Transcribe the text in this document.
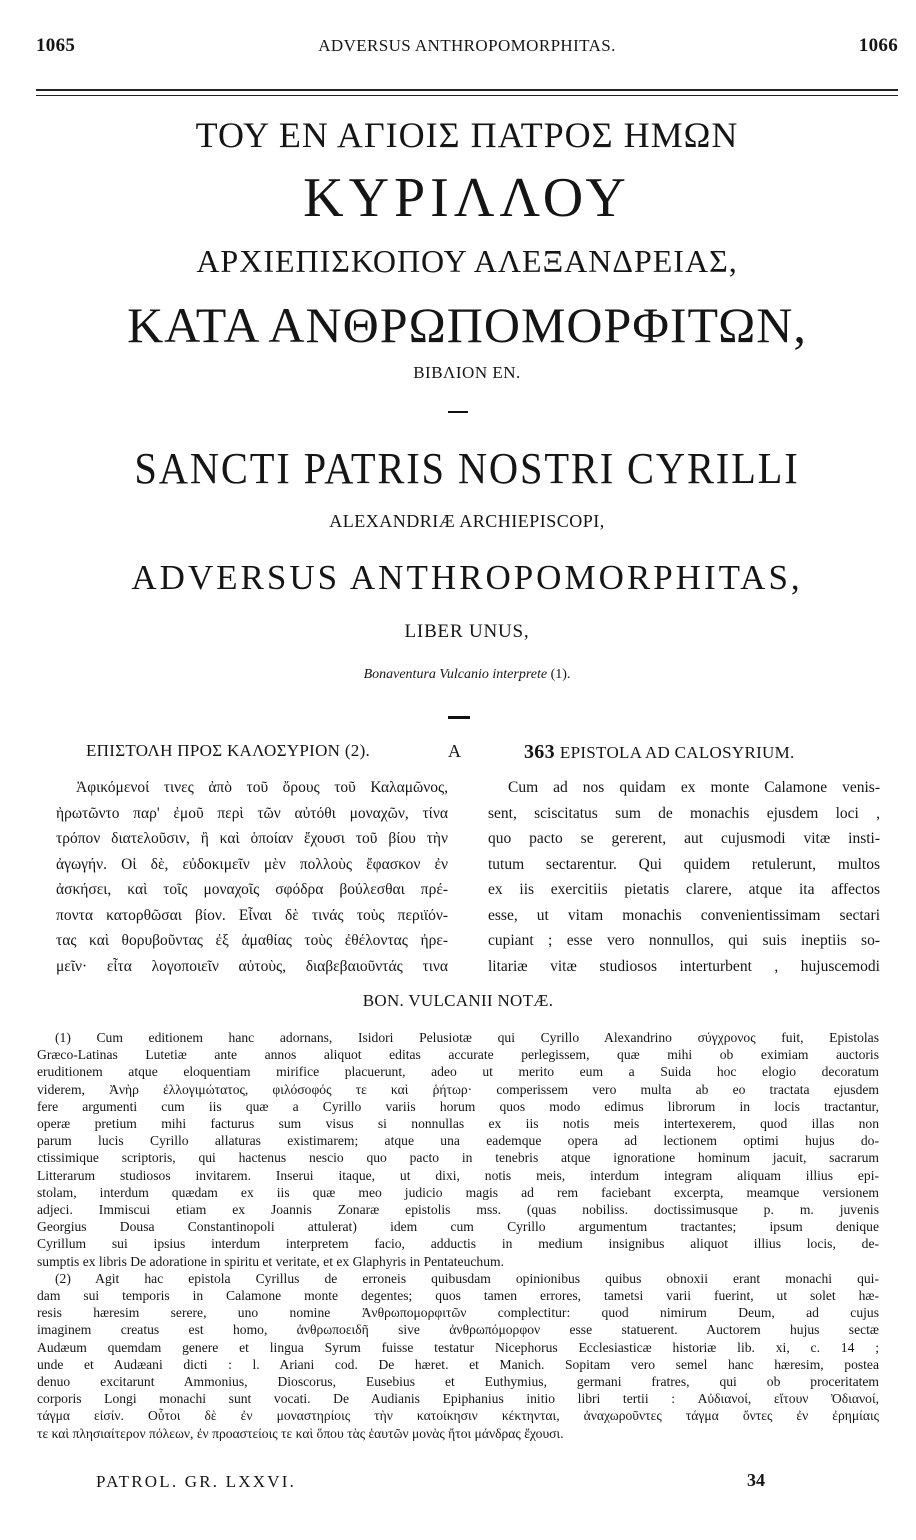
1065	ADVERSUS ANTHROPOMORPHITAS.	1066
ΤΟΥ ΕΝ ΑΓΙΟΙΣ ΠΑΤΡΟΣ ΗΜΩΝ
ΚΥΡΙΛΛΟΥ
ΑΡΧΙΕΠΙΣΚΟΠΟΥ ΑΛΕΞΑΝΔΡΕΙΑΣ,
ΚΑΤΑ ΑΝΘΡΩΠΟΜΟΡΦΙΤΩΝ,
ΒΙΒΛΙΟΝ ΕΝ.
SANCTI PATRIS NOSTRI CYRILLI
ALEXANDRIÆ ARCHIEPISCOPI,
ADVERSUS ANTHROPOMORPHITAS,
LIBER UNUS,
Bonaventura Vulcanio interprete (1).
ΕΠΙΣΤΟΛΗ ΠΡΟΣ ΚΑΛΟΣΥΡΙΟΝ (2).	A	363 EPISTOLA AD CALOSYRIUM.
Ἀφικόμενοί τινες ἀπὸ τοῦ ὄρους τοῦ Καλαμῶνος,
ἠρωτῶντο παρ' ἐμοῦ περὶ τῶν αὐτόθι μοναχῶν, τίνα
τρόπον διατελοῦσιν, ἢ καὶ ὁποίαν ἔχουσι τοῦ βίου τὴν
ἀγωγήν. Οἱ δὲ, εὐδοκιμεῖν μὲν πολλοὺς ἔφασκον ἐν
ἀσκήσει, καὶ τοῖς μοναχοῖς σφόδρα βούλεσθαι πρέ-
ποντα κατορθῶσαι βίον. Εἶναι δὲ τινάς τοὺς περιϊόν-
τας καὶ θορυβοῦντας ἐξ ἀμαθίας τοὺς ἐθέλοντας ἠρε-
μεῖν· εἶτα λογοποιεῖν αὐτοὺς, διαβεβαιοῦντάς τινα
Cum ad nos quidam ex monte Calamone venis-
sent, sciscitatus sum de monachis ejusdem loci ,
quo pacto se gererent, aut cujusmodi vitæ insti-
tutum sectarentur. Qui quidem retulerunt, multos
ex iis exercitiis pietatis clarere, atque ita affectos
esse, ut vitam monachis convenientissimam sectari
cupiant ; esse vero nonnullos, qui suis ineptiis so-
litariæ vitæ studiosos interturbent , hujuscemodi
BON. VULCANII NOTÆ.
(1) Cum editionem hanc adornans, Isidori Pelusiotæ qui Cyrillo Alexandrino σύγχρονος fuit, Epistolas
Græco-Latinas Lutetiæ ante annos aliquot editas accurate perlegissem, quæ mihi ob eximiam auctoris
eruditionem atque eloquentiam mirifice placuerunt, adeo ut merito eum a Suida hoc elogio decoratum
viderem, Ἀνὴρ ἐλλογιμώτατος, φιλόσοφός τε καὶ ῥήτωρ· comperissem vero multa ab eo tractata ejusdem
fere argumenti cum iis quæ a Cyrillo variis horum quos modo edimus librorum in locis tractantur,
operæ pretium mihi facturus sum visus si nonnullas ex iis notis meis intertexerem, quod illas non
parum lucis Cyrillo allaturas existimarem; atque una eademque opera ad lectionem optimi hujus do-
ctissimique scriptoris, qui hactenus nescio quo pacto in tenebris atque ignoratione hominum jacuit, sacrarum
Litterarum studiosos invitarem. Inserui itaque, ut dixi, notis meis, interdum integram aliquam illius epi-
stolam, interdum quædam ex iis quæ meo judicio magis ad rem faciebant excerpta, meamque versionem
adjeci. Immiscui etiam ex Joannis Zonaræ epistolis mss. (quas nobiliss. doctissimusque p. m. juvenis
Georgius Dousa Constantinopoli attulerat) idem cum Cyrillo argumentum tractantes; ipsum denique
Cyrillum sui ipsius interdum interpretem facio, adductis in medium insignibus aliquot illius locis, de-
sumptis ex libris De adoratione in spiritu et veritate, et ex Glaphyris in Pentateuchum.
(2) Agit hac epistola Cyrillus de erroneis quibusdam opinionibus quibus obnoxii erant monachi qui-
dam sui temporis in Calamone monte degentes; quos tamen errores, tametsi varii fuerint, ut solet hæ-
resis hæresim serere, uno nomine Ἀνθρωπομορφιτῶν complectitur: quod nimirum Deum, ad cujus
imaginem creatus est homo, ἀνθρωποειδῆ sive ἀνθρωπόμορφον esse statuerent. Auctorem hujus sectæ
Audæum quemdam genere et lingua Syrum fuisse testatur Nicephorus Ecclesiasticæ historiæ lib. xi, c. 14 ;
unde et Audæani dicti : l. Ariani cod. De hæret. et Manich. Sopitam vero semel hanc hæresim, postea
denuo excitarunt Ammonius, Dioscorus, Eusebius et Euthymius, germani fratres, qui ob proceritatem
corporis Longi monachi sunt vocati. De Audianis Epiphanius initio libri tertii : Αὐδιανοί, εἴτουν Ὀδιανοί,
τάγμα εἰσίν. Οὗτοι δὲ ἐν μοναστηρίοις τὴν κατοίκησιν κέκτηνται, ἀναχωροῦντες τάγμα ὄντες ἐν ἐρημίαις
τε καὶ πλησιαίτερον πόλεων, ἐν προαστείοις τε καὶ ὅπου τὰς ἑαυτῶν μονὰς ἤτοι μάνδρας ἔχουσι.
PATROL. GR. LXXVI.	34
